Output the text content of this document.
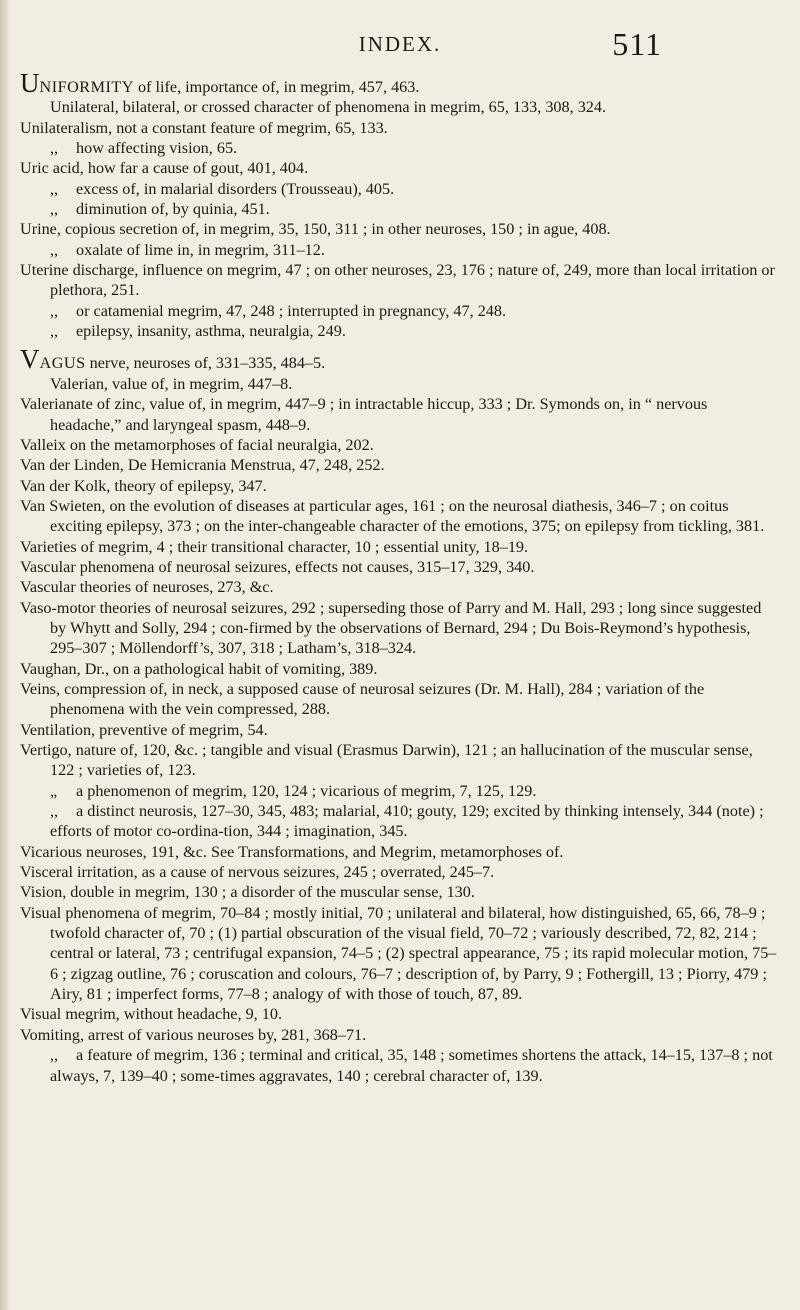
INDEX.	511
UNIFORMITY of life, importance of, in megrim, 457, 463.
Unilateral, bilateral, or crossed character of phenomena in megrim, 65, 133, 308, 324.
Unilateralism, not a constant feature of megrim, 65, 133.
,, how affecting vision, 65.
Uric acid, how far a cause of gout, 401, 404.
,, excess of, in malarial disorders (Trousseau), 405.
,, diminution of, by quinia, 451.
Urine, copious secretion of, in megrim, 35, 150, 311 ; in other neuroses, 150 ; in ague, 408.
,, oxalate of lime in, in megrim, 311–12.
Uterine discharge, influence on megrim, 47 ; on other neuroses, 23, 176 ; nature of, 249, more than local irritation or plethora, 251.
,, or catamenial megrim, 47, 248 ; interrupted in pregnancy, 47, 248.
,, epilepsy, insanity, asthma, neuralgia, 249.
VAGUS nerve, neuroses of, 331–335, 484–5.
Valerian, value of, in megrim, 447–8.
Valerianate of zinc, value of, in megrim, 447–9 ; in intractable hiccup, 333 ; Dr. Symonds on, in “ nervous headache,” and laryngeal spasm, 448–9.
Valleix on the metamorphoses of facial neuralgia, 202.
Van der Linden, De Hemicrania Menstrua, 47, 248, 252.
Van der Kolk, theory of epilepsy, 347.
Van Swieten, on the evolution of diseases at particular ages, 161 ; on the neurosal diathesis, 346–7 ; on coitus exciting epilepsy, 373 ; on the inter-changeable character of the emotions, 375; on epilepsy from tickling, 381.
Varieties of megrim, 4 ; their transitional character, 10 ; essential unity, 18–19.
Vascular phenomena of neurosal seizures, effects not causes, 315–17, 329, 340.
Vascular theories of neuroses, 273, &c.
Vaso-motor theories of neurosal seizures, 292 ; superseding those of Parry and M. Hall, 293 ; long since suggested by Whytt and Solly, 294 ; con-firmed by the observations of Bernard, 294 ; Du Bois-Reymond’s hypothesis, 295–307 ; Möllendorff’s, 307, 318 ; Latham’s, 318–324.
Vaughan, Dr., on a pathological habit of vomiting, 389.
Veins, compression of, in neck, a supposed cause of neurosal seizures (Dr. M. Hall), 284 ; variation of the phenomena with the vein compressed, 288.
Ventilation, preventive of megrim, 54.
Vertigo, nature of, 120, &c. ; tangible and visual (Erasmus Darwin), 121 ; an hallucination of the muscular sense, 122 ; varieties of, 123.
„ a phenomenon of megrim, 120, 124 ; vicarious of megrim, 7, 125, 129.
,, a distinct neurosis, 127–30, 345, 483; malarial, 410; gouty, 129; excited by thinking intensely, 344 (note) ; efforts of motor co-ordina-tion, 344 ; imagination, 345.
Vicarious neuroses, 191, &c. See Transformations, and Megrim, metamorphoses of.
Visceral irritation, as a cause of nervous seizures, 245 ; overrated, 245–7.
Vision, double in megrim, 130 ; a disorder of the muscular sense, 130.
Visual phenomena of megrim, 70–84 ; mostly initial, 70 ; unilateral and bilateral, how distinguished, 65, 66, 78–9 ; twofold character of, 70 ; (1) partial obscuration of the visual field, 70–72 ; variously described, 72, 82, 214 ; central or lateral, 73 ; centrifugal expansion, 74–5 ; (2) spectral appearance, 75 ; its rapid molecular motion, 75–6 ; zigzag outline, 76 ; coruscation and colours, 76–7 ; description of, by Parry, 9 ; Fothergill, 13 ; Piorry, 479 ; Airy, 81 ; imperfect forms, 77–8 ; analogy of with those of touch, 87, 89.
Visual megrim, without headache, 9, 10.
Vomiting, arrest of various neuroses by, 281, 368–71.
,, a feature of megrim, 136 ; terminal and critical, 35, 148 ; sometimes shortens the attack, 14–15, 137–8 ; not always, 7, 139–40 ; some-times aggravates, 140 ; cerebral character of, 139.
